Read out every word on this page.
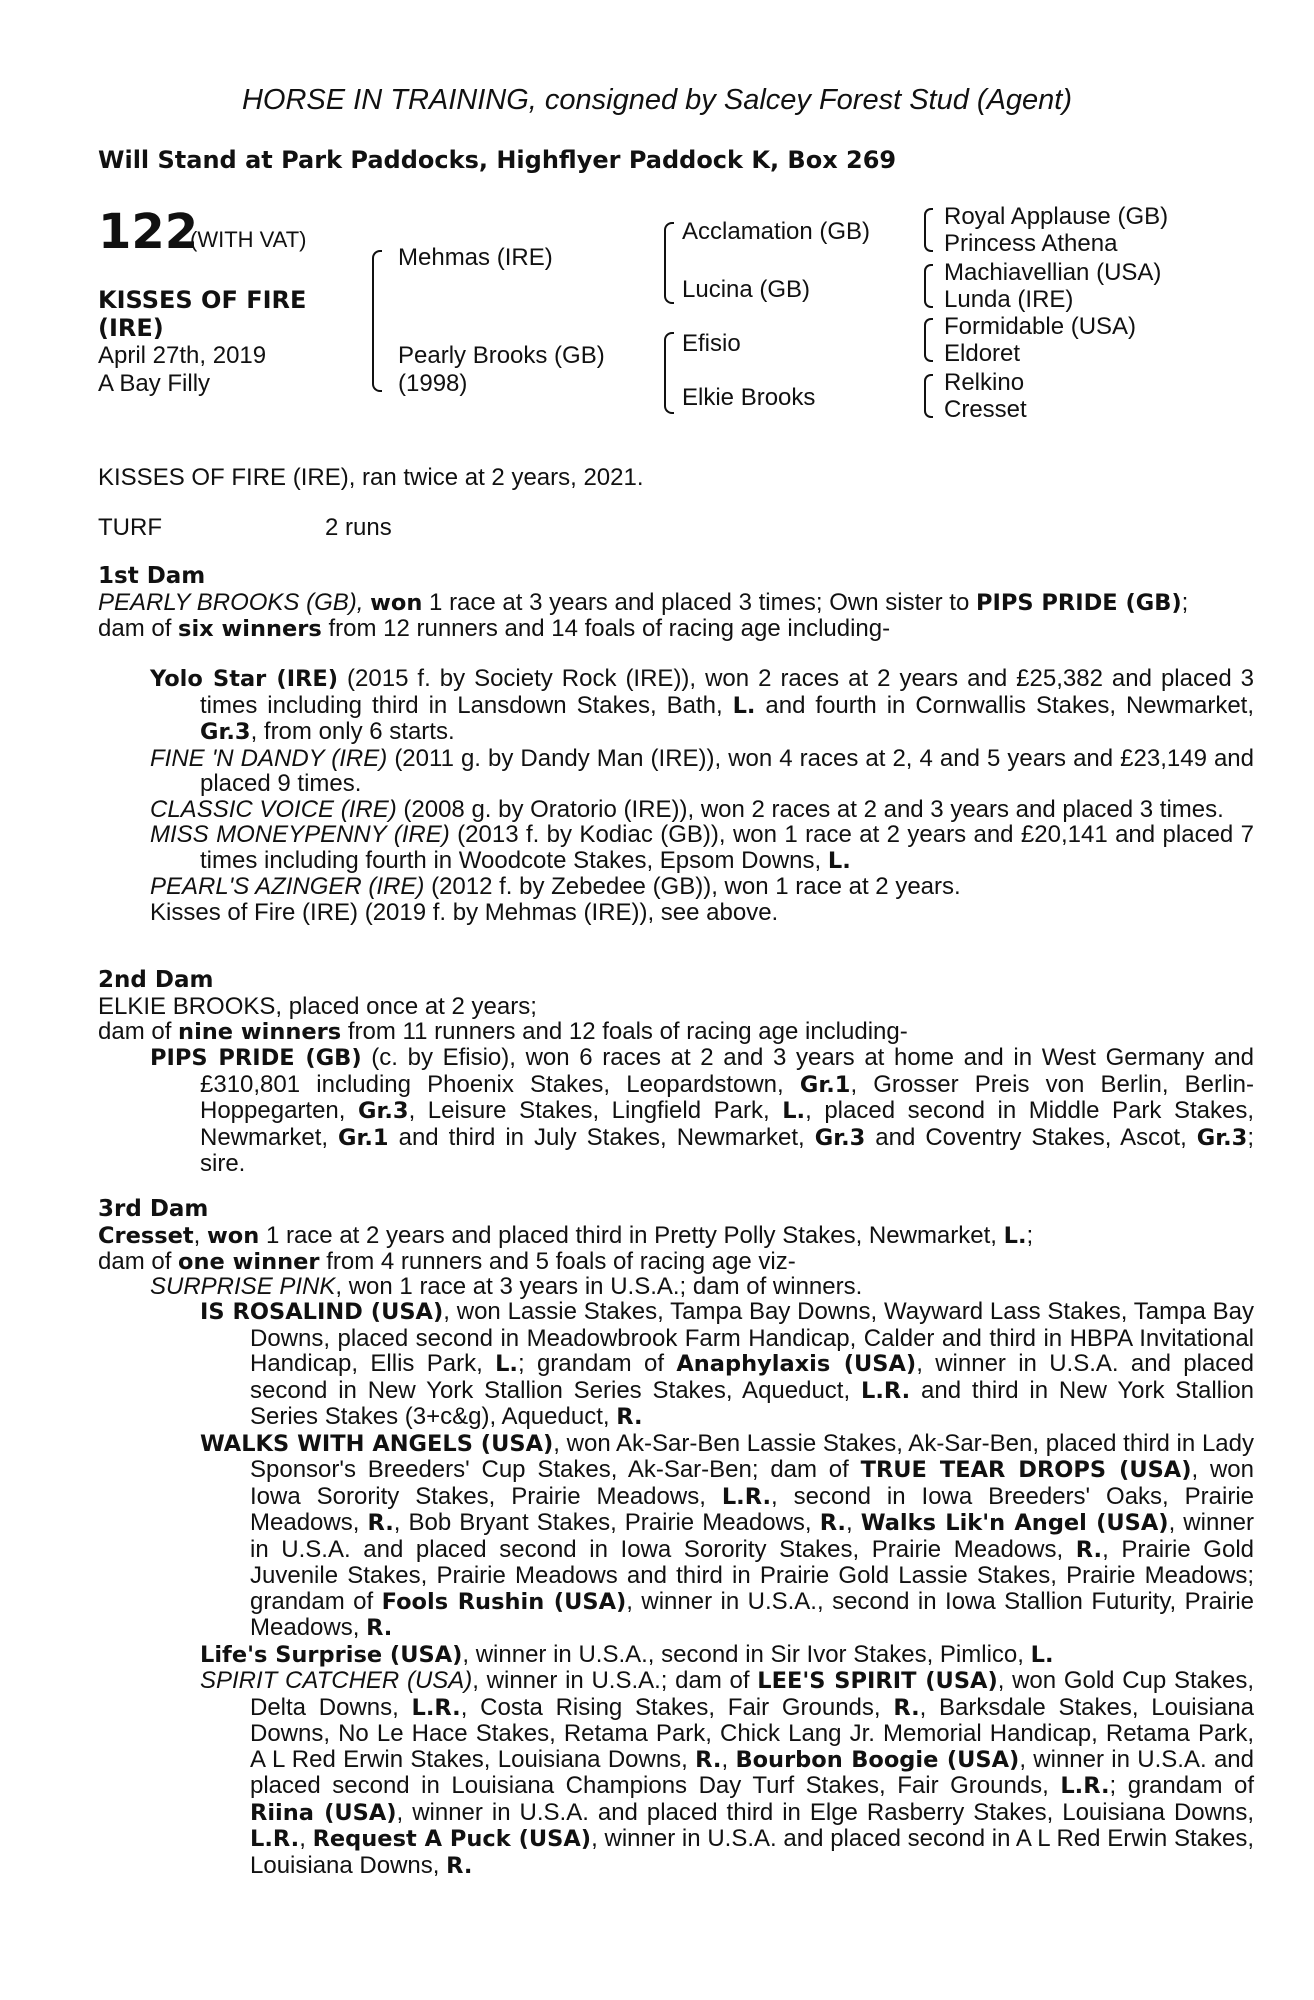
HORSE IN TRAINING, consigned by Salcey Forest Stud (Agent)
Will Stand at Park Paddocks, Highflyer Paddock K, Box 269
122
(WITH VAT)
KISSES OF FIRE (IRE)
April 27th, 2019
A Bay Filly
Mehmas (IRE)
Pearly Brooks (GB)
(1998)
Acclamation (GB)
Lucina (GB)
Efisio
Elkie Brooks
Royal Applause (GB)
Princess Athena
Machiavellian (USA)
Lunda (IRE)
Formidable (USA)
Eldoret
Relkino
Cresset
KISSES OF FIRE (IRE), ran twice at 2 years, 2021.
TURF	2 runs
1st Dam
PEARLY BROOKS (GB), won 1 race at 3 years and placed 3 times; Own sister to PIPS PRIDE (GB);
dam of six winners from 12 runners and 14 foals of racing age including-
Yolo Star (IRE) (2015 f. by Society Rock (IRE)), won 2 races at 2 years and £25,382 and placed 3 times including third in Lansdown Stakes, Bath, L. and fourth in Cornwallis Stakes, Newmarket, Gr.3, from only 6 starts.
FINE 'N DANDY (IRE) (2011 g. by Dandy Man (IRE)), won 4 races at 2, 4 and 5 years and £23,149 and placed 9 times.
CLASSIC VOICE (IRE) (2008 g. by Oratorio (IRE)), won 2 races at 2 and 3 years and placed 3 times.
MISS MONEYPENNY (IRE) (2013 f. by Kodiac (GB)), won 1 race at 2 years and £20,141 and placed 7 times including fourth in Woodcote Stakes, Epsom Downs, L.
PEARL'S AZINGER (IRE) (2012 f. by Zebedee (GB)), won 1 race at 2 years.
Kisses of Fire (IRE) (2019 f. by Mehmas (IRE)), see above.
2nd Dam
ELKIE BROOKS, placed once at 2 years;
dam of nine winners from 11 runners and 12 foals of racing age including-
PIPS PRIDE (GB) (c. by Efisio), won 6 races at 2 and 3 years at home and in West Germany and £310,801 including Phoenix Stakes, Leopardstown, Gr.1, Grosser Preis von Berlin, Berlin-Hoppegarten, Gr.3, Leisure Stakes, Lingfield Park, L., placed second in Middle Park Stakes, Newmarket, Gr.1 and third in July Stakes, Newmarket, Gr.3 and Coventry Stakes, Ascot, Gr.3; sire.
3rd Dam
Cresset, won 1 race at 2 years and placed third in Pretty Polly Stakes, Newmarket, L.;
dam of one winner from 4 runners and 5 foals of racing age viz-
SURPRISE PINK, won 1 race at 3 years in U.S.A.; dam of winners.
IS ROSALIND (USA), won Lassie Stakes, Tampa Bay Downs, Wayward Lass Stakes, Tampa Bay Downs, placed second in Meadowbrook Farm Handicap, Calder and third in HBPA Invitational Handicap, Ellis Park, L.; grandam of Anaphylaxis (USA), winner in U.S.A. and placed second in New York Stallion Series Stakes, Aqueduct, L.R. and third in New York Stallion Series Stakes (3+c&g), Aqueduct, R.
WALKS WITH ANGELS (USA), won Ak-Sar-Ben Lassie Stakes, Ak-Sar-Ben, placed third in Lady Sponsor's Breeders' Cup Stakes, Ak-Sar-Ben; dam of TRUE TEAR DROPS (USA), won Iowa Sorority Stakes, Prairie Meadows, L.R., second in Iowa Breeders' Oaks, Prairie Meadows, R., Bob Bryant Stakes, Prairie Meadows, R., Walks Lik'n Angel (USA), winner in U.S.A. and placed second in Iowa Sorority Stakes, Prairie Meadows, R., Prairie Gold Juvenile Stakes, Prairie Meadows and third in Prairie Gold Lassie Stakes, Prairie Meadows; grandam of Fools Rushin (USA), winner in U.S.A., second in Iowa Stallion Futurity, Prairie Meadows, R.
Life's Surprise (USA), winner in U.S.A., second in Sir Ivor Stakes, Pimlico, L.
SPIRIT CATCHER (USA), winner in U.S.A.; dam of LEE'S SPIRIT (USA), won Gold Cup Stakes, Delta Downs, L.R., Costa Rising Stakes, Fair Grounds, R., Barksdale Stakes, Louisiana Downs, No Le Hace Stakes, Retama Park, Chick Lang Jr. Memorial Handicap, Retama Park, A L Red Erwin Stakes, Louisiana Downs, R., Bourbon Boogie (USA), winner in U.S.A. and placed second in Louisiana Champions Day Turf Stakes, Fair Grounds, L.R.; grandam of Riina (USA), winner in U.S.A. and placed third in Elge Rasberry Stakes, Louisiana Downs, L.R., Request A Puck (USA), winner in U.S.A. and placed second in A L Red Erwin Stakes, Louisiana Downs, R.
